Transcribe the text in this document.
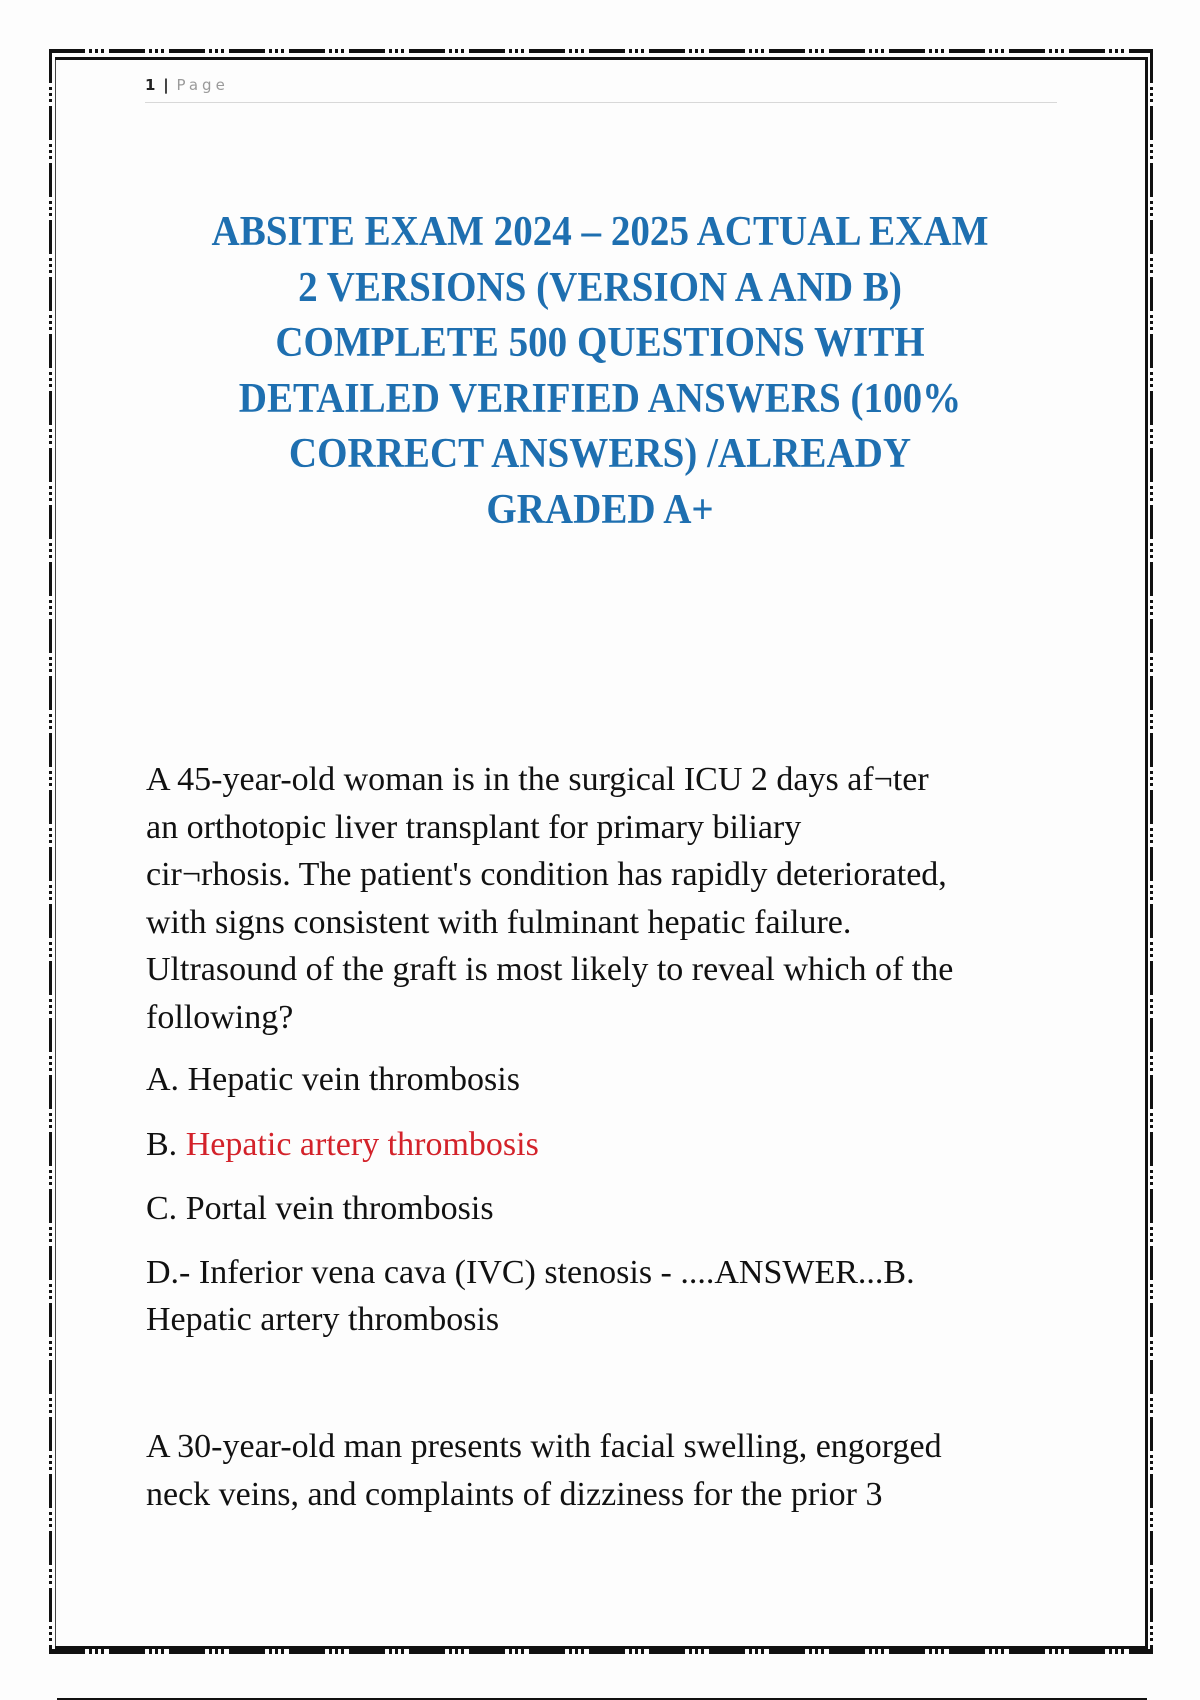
1 | Page
ABSITE EXAM 2024 – 2025 ACTUAL EXAM
2 VERSIONS (VERSION A AND B)
COMPLETE 500 QUESTIONS WITH
DETAILED VERIFIED ANSWERS (100%
CORRECT ANSWERS) /ALREADY
GRADED A+
A 45-year-old woman is in the surgical ICU 2 days af¬ter
an orthotopic liver transplant for primary biliary
cir¬rhosis. The patient's condition has rapidly deteriorated,
with signs consistent with fulminant hepatic failure.
Ultrasound of the graft is most likely to reveal which of the
following?
A. Hepatic vein thrombosis
B. Hepatic artery thrombosis
C. Portal vein thrombosis
D.- Inferior vena cava (IVC) stenosis - ....ANSWER...B.
Hepatic artery thrombosis
A 30-year-old man presents with facial swelling, engorged
neck veins, and complaints of dizziness for the prior 3
